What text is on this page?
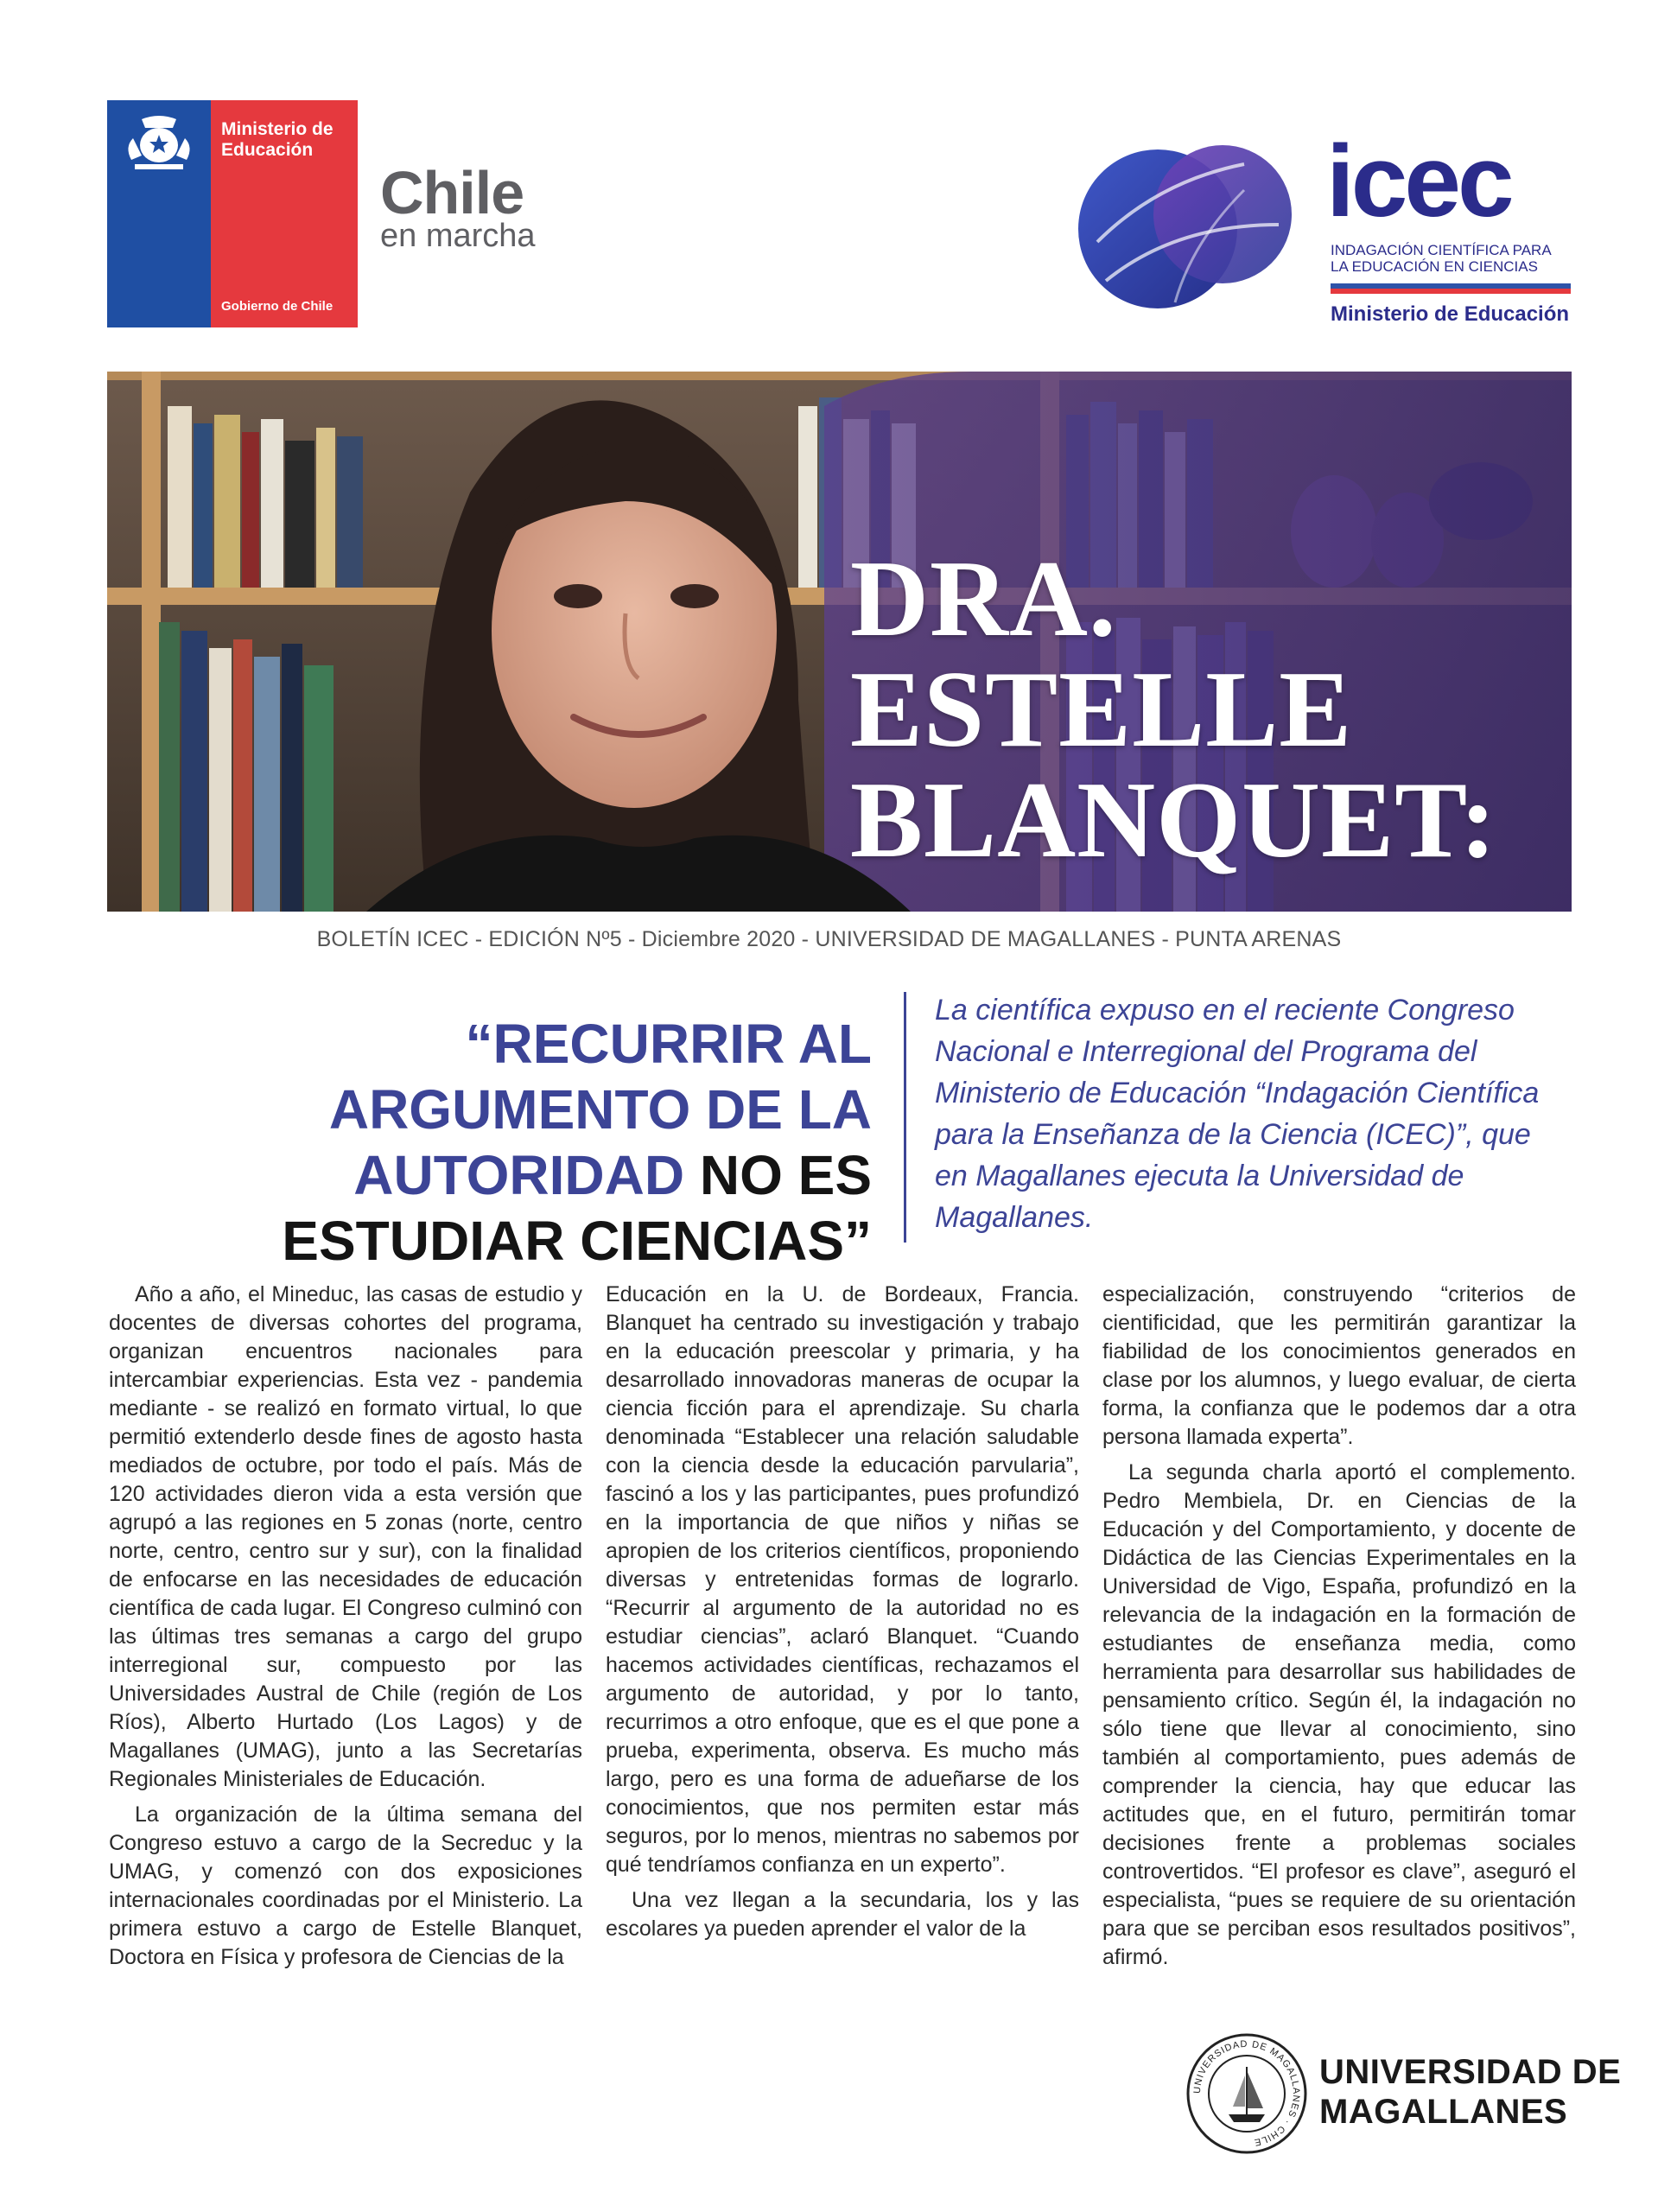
Ministerio de
Educación
Gobierno de Chile
Chile
en marcha	icec
INDAGACIÓN CIENTÍFICA PARA
LA EDUCACIÓN EN CIENCIAS
Ministerio de Educación
DRA.
ESTELLE
BLANQUET:
BOLETÍN ICEC - EDICIÓN Nº5 - Diciembre 2020 - UNIVERSIDAD DE MAGALLANES - PUNTA ARENAS
“RECURRIR AL ARGUMENTO DE LA AUTORIDAD NO ES ESTUDIAR CIENCIAS”
La científica expuso en el reciente Congreso Nacional e Interregional del Programa del Ministerio de Educación “Indagación Científica para la Enseñanza de la Ciencia (ICEC)”, que en Magallanes ejecuta la Universidad de Magallanes.

Año a año, el Mineduc, las casas de estudio y docentes de diversas cohortes del programa, organizan encuentros nacionales para intercambiar experiencias. Esta vez - pandemia mediante - se realizó en formato virtual, lo que permitió extenderlo desde fines de agosto hasta mediados de octubre, por todo el país. Más de 120 actividades dieron vida a esta versión que agrupó a las regiones en 5 zonas (norte, centro norte, centro, centro sur y sur), con la finalidad de enfocarse en las necesidades de educación científica de cada lugar. El Congreso culminó con las últimas tres semanas a cargo del grupo interregional sur, compuesto por las Universidades Austral de Chile (región de Los Ríos), Alberto Hurtado (Los Lagos) y de Magallanes (UMAG), junto a las Secretarías Regionales Ministeriales de Educación.

La organización de la última semana del Congreso estuvo a cargo de la Secreduc y la UMAG, y comenzó con dos exposiciones internacionales coordinadas por el Ministerio. La primera estuvo a cargo de Estelle Blanquet, Doctora en Física y profesora de Ciencias de la

Educación en la U. de Bordeaux, Francia. Blanquet ha centrado su investigación y trabajo en la educación preescolar y primaria, y ha desarrollado innovadoras maneras de ocupar la ciencia ficción para el aprendizaje. Su charla denominada “Establecer una relación saludable con la ciencia desde la educación parvularia”, fascinó a los y las participantes, pues profundizó en la importancia de que niños y niñas se apropien de los criterios científicos, proponiendo diversas y entretenidas formas de lograrlo. “Recurrir al argumento de la autoridad no es estudiar ciencias”, aclaró Blanquet. “Cuando hacemos actividades científicas, rechazamos el argumento de autoridad, y por lo tanto, recurrimos a otro enfoque, que es el que pone a prueba, experimenta, observa. Es mucho más largo, pero es una forma de adueñarse de los conocimientos, que nos permiten estar más seguros, por lo menos, mientras no sabemos por qué tendríamos confianza en un experto”.

Una vez llegan a la secundaria, los y las escolares ya pueden aprender el valor de la

especialización, construyendo “criterios de cientificidad, que les permitirán garantizar la fiabilidad de los conocimientos generados en clase por los alumnos, y luego evaluar, de cierta forma, la confianza que le podemos dar a otra persona llamada experta”.

La segunda charla aportó el complemento. Pedro Membiela, Dr. en Ciencias de la Educación y del Comportamiento, y docente de Didáctica de las Ciencias Experimentales en la Universidad de Vigo, España, profundizó en la relevancia de la indagación en la formación de estudiantes de enseñanza media, como herramienta para desarrollar sus habilidades de pensamiento crítico. Según él, la indagación no sólo tiene que llevar al conocimiento, sino también al comportamiento, pues además de comprender la ciencia, hay que educar las actitudes que, en el futuro, permitirán tomar decisiones frente a problemas sociales controvertidos. “El profesor es clave”, aseguró el especialista, “pues se requiere de su orientación para que se perciban esos resultados positivos”, afirmó.

UNIVERSIDAD DE MAGALLANES · CHILE
UNIVERSIDAD DE
MAGALLANES
